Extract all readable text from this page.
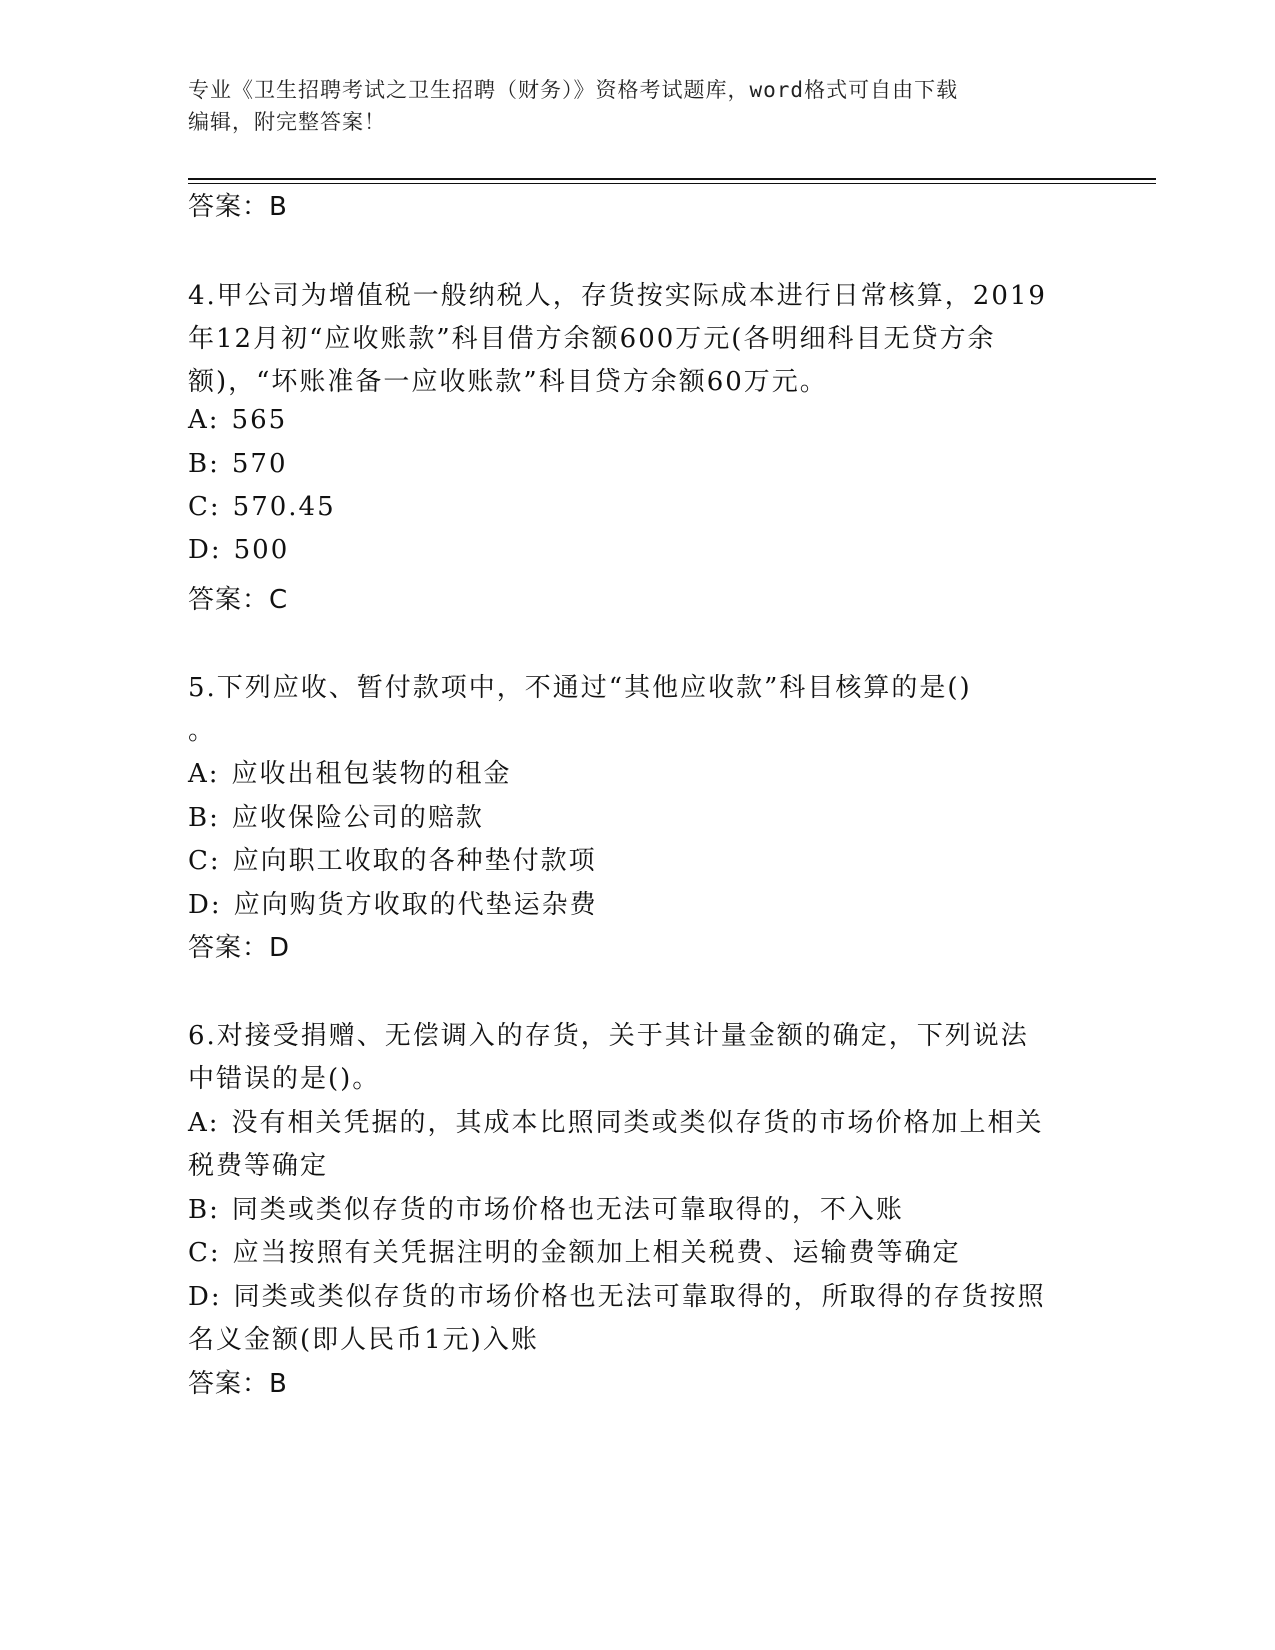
专业《卫生招聘考试之卫生招聘（财务）》资格考试题库，word格式可自由下载
编辑，附完整答案！
答案：B
4.甲公司为增值税一般纳税人，存货按实际成本进行日常核算，2019
年12月初“应收账款”科目借方余额600万元(各明细科目无贷方余
额)，“坏账准备一应收账款”科目贷方余额60万元。
A: 565
B: 570
C: 570.45
D: 500
答案：C
5.下列应收、暂付款项中，不通过“其他应收款”科目核算的是()
。
A: 应收出租包装物的租金
B: 应收保险公司的赔款
C: 应向职工收取的各种垫付款项
D: 应向购货方收取的代垫运杂费
答案：D
6.对接受捐赠、无偿调入的存货，关于其计量金额的确定，下列说法
中错误的是()。
A: 没有相关凭据的，其成本比照同类或类似存货的市场价格加上相关
税费等确定
B: 同类或类似存货的市场价格也无法可靠取得的，不入账
C: 应当按照有关凭据注明的金额加上相关税费、运输费等确定
D: 同类或类似存货的市场价格也无法可靠取得的，所取得的存货按照
名义金额(即人民币1元)入账
答案：B
